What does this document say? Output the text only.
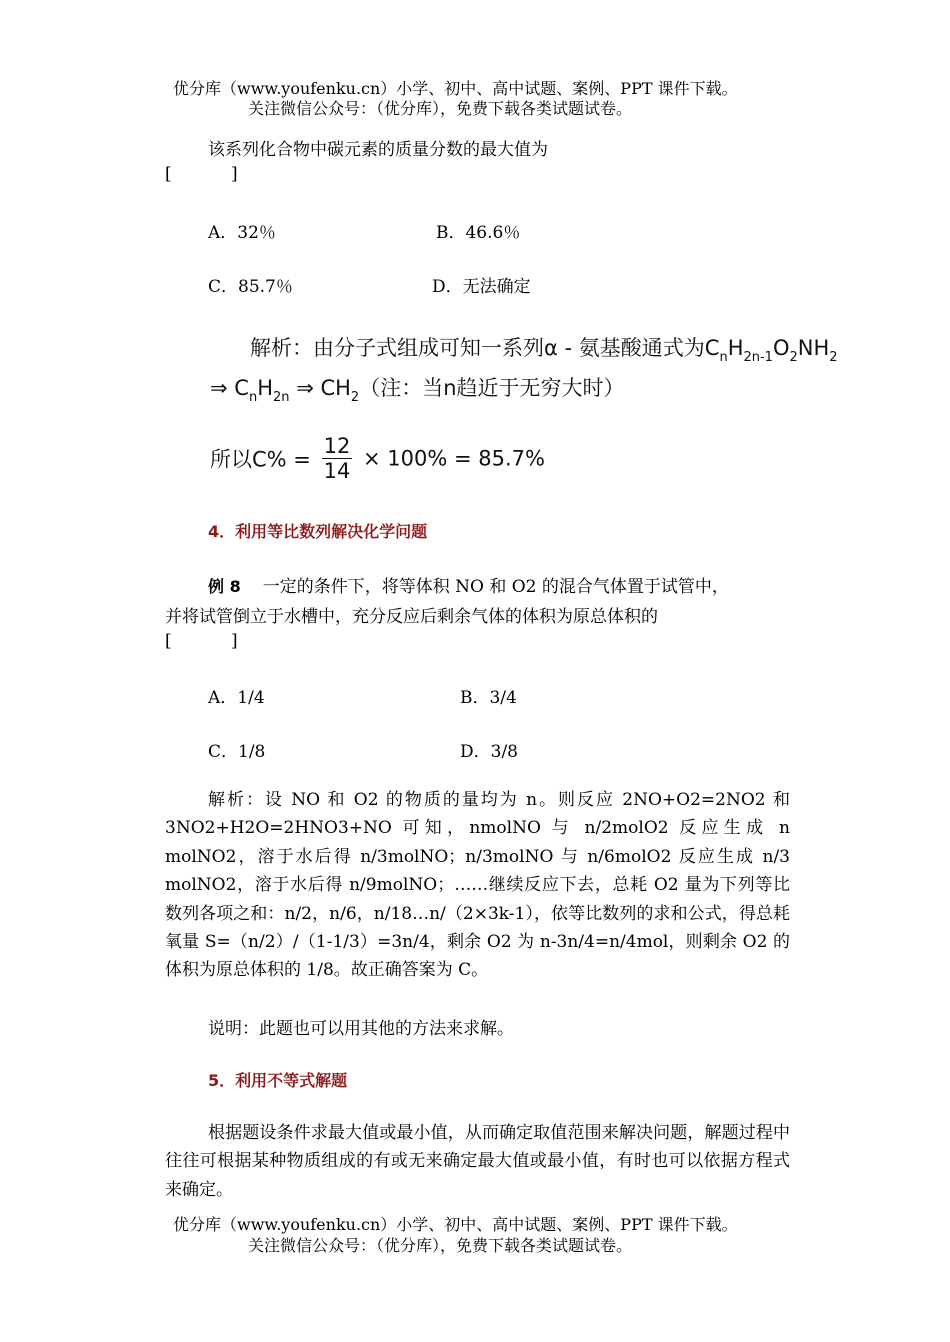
优分库（www.youfenku.cn）小学、初中、高中试题、案例、PPT 课件下载。
关注微信公众号：（优分库），免费下载各类试题试卷。
该系列化合物中碳元素的质量分数的最大值为
[	]
A．32％	B．46.6％
C．85.7％	D．无法确定
解析：由分子式组成可知一系列α - 氨基酸通式为$C_nH_{2n-1}O_2NH_2$
⇒ $C_nH_{2n}$ ⇒ $CH_2$（注：当n趋近于无穷大时）
所以$C\% = \frac{12}{14} \times 100\% = 85.7\%$
4．利用等比数列解决化学问题
例 8 一定的条件下，将等体积 NO 和 O2 的混合气体置于试管中，
并将试管倒立于水槽中，充分反应后剩余气体的体积为原总体积的
[	]
A．1/4	B．3/4
C．1/8	D．3/8
解析：设 NO 和 O2 的物质的量均为 n。则反应 2NO+O2=2NO2 和 3NO2+H2O=2HNO3+NO 可知，nmolNO 与 n/2molO2 反应生成 n molNO2，溶于水后得 n/3molNO；n/3molNO 与 n/6molO2 反应生成 n/3 molNO2，溶于水后得 n/9molNO；……继续反应下去，总耗 O2 量为下列等比数列各项之和：n/2，n/6，n/18…n/（2×3k-1），依等比数列的求和公式，得总耗氧量 S=（n/2）/（1-1/3）=3n/4，剩余 O2 为 n-3n/4=n/4mol，则剩余 O2 的体积为原总体积的 1/8。故正确答案为 C。
说明：此题也可以用其他的方法来求解。
5．利用不等式解题
根据题设条件求最大值或最小值，从而确定取值范围来解决问题，解题过程中往往可根据某种物质组成的有或无来确定最大值或最小值，有时也可以依据方程式来确定。
优分库（www.youfenku.cn）小学、初中、高中试题、案例、PPT 课件下载。
关注微信公众号：（优分库），免费下载各类试题试卷。
